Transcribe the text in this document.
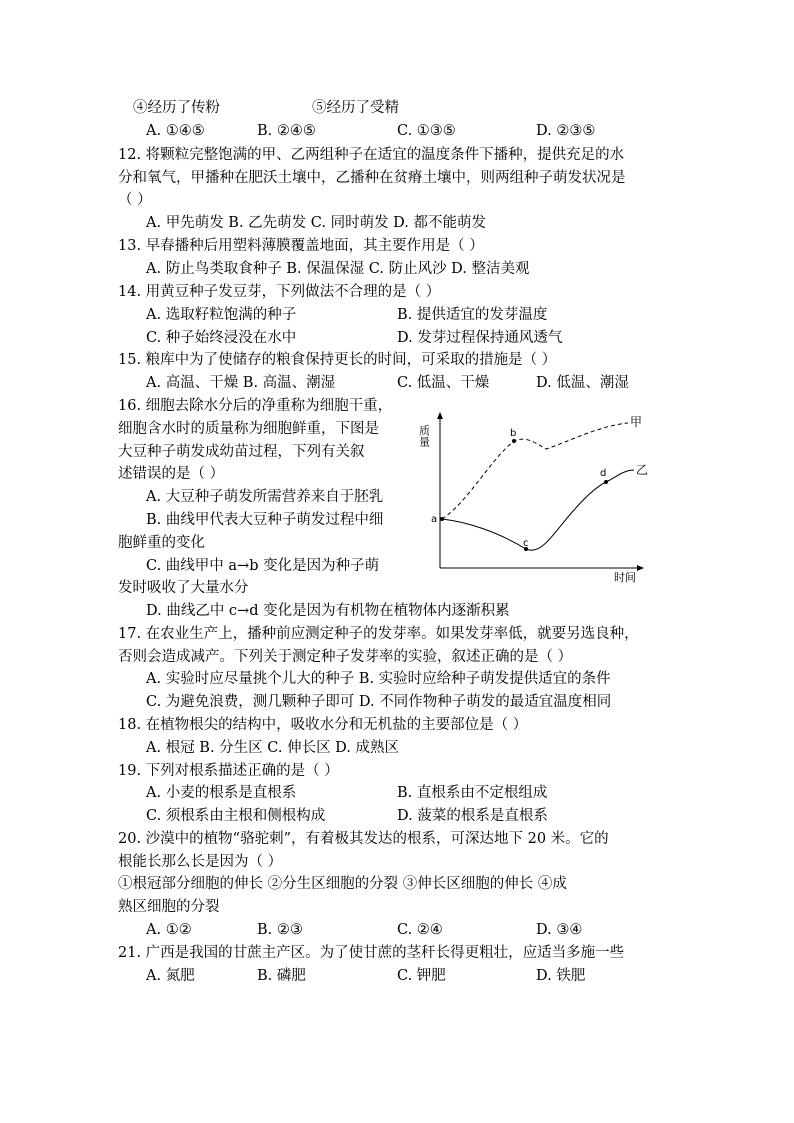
④经历了传粉	⑤经历了受精
A. ①④⑤	B. ②④⑤	C. ①③⑤	D. ②③⑤
12. 将颗粒完整饱满的甲、乙两组种子在适宜的温度条件下播种，提供充足的水
分和氧气，甲播种在肥沃土壤中，乙播种在贫瘠土壤中，则两组种子萌发状况是
（ ）
A. 甲先萌发 B. 乙先萌发 C. 同时萌发 D. 都不能萌发
13. 早春播种后用塑料薄膜覆盖地面，其主要作用是（ ）
A. 防止鸟类取食种子 B. 保温保湿 C. 防止风沙 D. 整洁美观
14. 用黄豆种子发豆芽，下列做法不合理的是（ ）
A. 选取籽粒饱满的种子	B. 提供适宜的发芽温度
C. 种子始终浸没在水中	D. 发芽过程保持通风透气
15. 粮库中为了使储存的粮食保持更长的时间，可采取的措施是（ ）
A. 高温、干燥 B. 高温、潮湿	C. 低温、干燥	D. 低温、潮湿
16. 细胞去除水分后的净重称为细胞干重，
细胞含水时的质量称为细胞鲜重，下图是
大豆种子萌发成幼苗过程，下列有关叙
述错误的是（ ）
A. 大豆种子萌发所需营养来自于胚乳
B. 曲线甲代表大豆种子萌发过程中细
胞鲜重的变化
C. 曲线甲中 a→b 变化是因为种子萌
发时吸收了大量水分
D. 曲线乙中 c→d 变化是因为有机物在植物体内逐渐积累
质量
时间
a
b
c
d
甲
乙
17. 在农业生产上，播种前应测定种子的发芽率。如果发芽率低，就要另选良种，
否则会造成减产。下列关于测定种子发芽率的实验，叙述正确的是（ ）
A. 实验时应尽量挑个儿大的种子 B. 实验时应给种子萌发提供适宜的条件
C. 为避免浪费，测几颗种子即可 D. 不同作物种子萌发的最适宜温度相同
18. 在植物根尖的结构中，吸收水分和无机盐的主要部位是（ ）
A. 根冠 B. 分生区 C. 伸长区 D. 成熟区
19. 下列对根系描述正确的是（ ）
A. 小麦的根系是直根系	B. 直根系由不定根组成
C. 须根系由主根和侧根构成	D. 菠菜的根系是直根系
20. 沙漠中的植物“骆驼刺”，有着极其发达的根系，可深达地下 20 米。它的
根能长那么长是因为（ ）
①根冠部分细胞的伸长 ②分生区细胞的分裂 ③伸长区细胞的伸长 ④成
熟区细胞的分裂
A. ①②	B. ②③	C. ②④	D. ③④
21. 广西是我国的甘蔗主产区。为了使甘蔗的茎秆长得更粗壮，应适当多施一些
A. 氮肥	B. 磷肥	C. 钾肥	D. 铁肥
